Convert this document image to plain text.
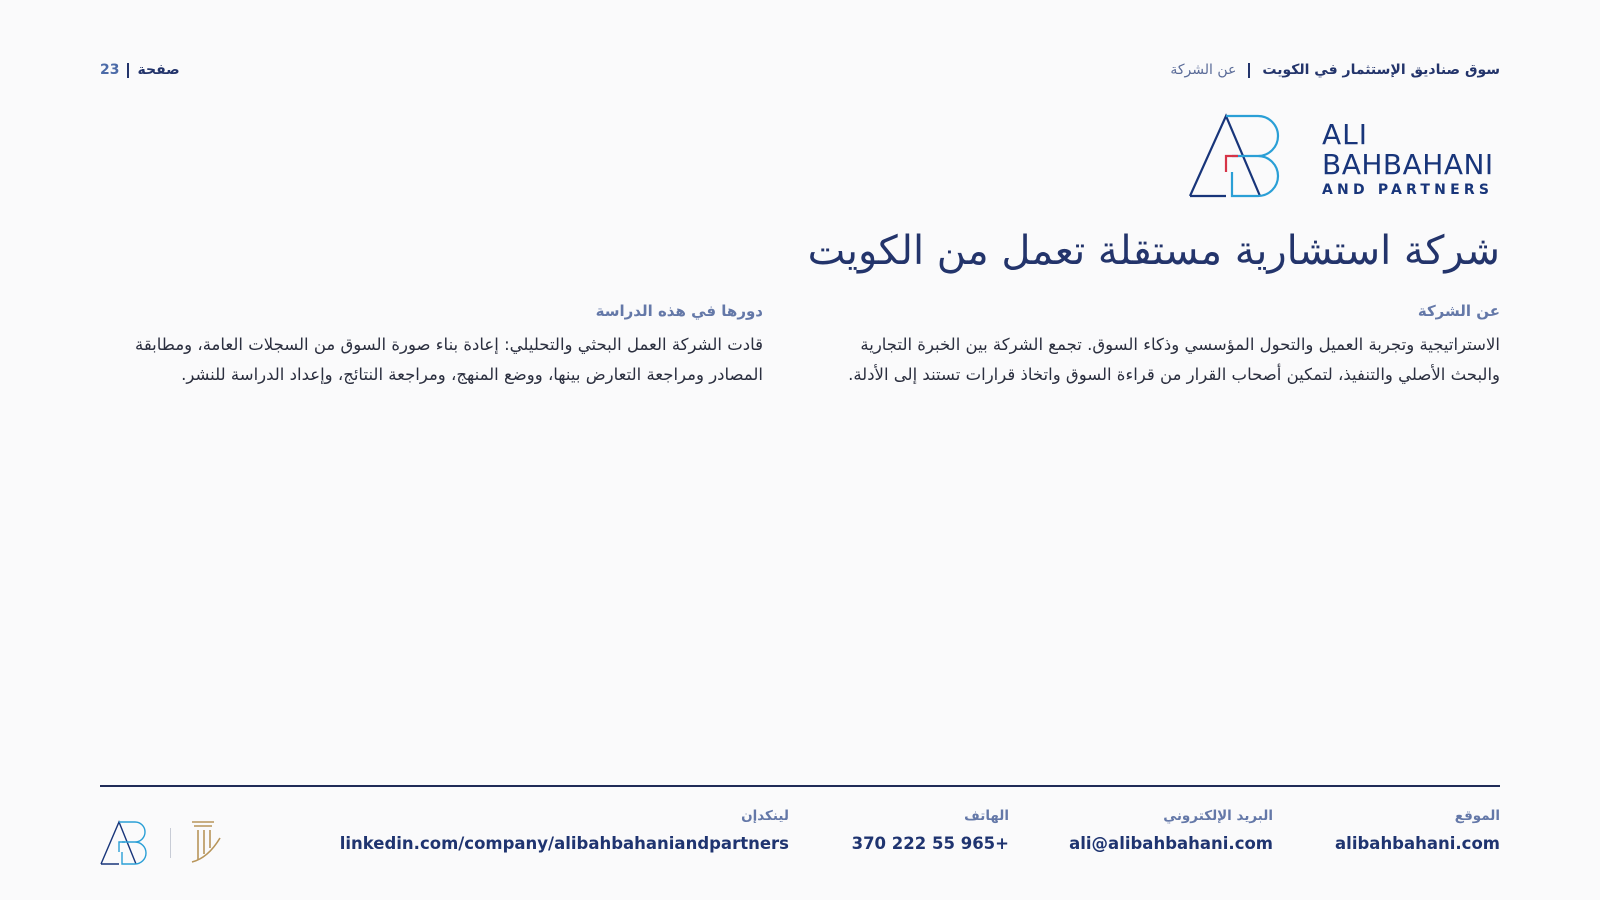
سوق صناديق الإستثمار في الكويت
عن الشركة
صفحة
23
ALI
BAHBAHANI
AND PARTNERS
شركة استشارية مستقلة تعمل من الكويت
عن الشركة
الاستراتيجية وتجربة العميل والتحول المؤسسي وذكاء السوق. تجمع الشركة بين الخبرة التجارية والبحث الأصلي والتنفيذ، لتمكين أصحاب القرار من قراءة السوق واتخاذ قرارات تستند إلى الأدلة.
دورها في هذه الدراسة
قادت الشركة العمل البحثي والتحليلي: إعادة بناء صورة السوق من السجلات العامة، ومطابقة المصادر ومراجعة التعارض بينها، ووضع المنهج، ومراجعة النتائج، وإعداد الدراسة للنشر.
الموقع
alibahbahani.com
البريد الإلكتروني
ali@alibahbahani.com
الهاتف
+965 55 222 370
لينكدإن
linkedin.com/company/alibahbahaniandpartners
